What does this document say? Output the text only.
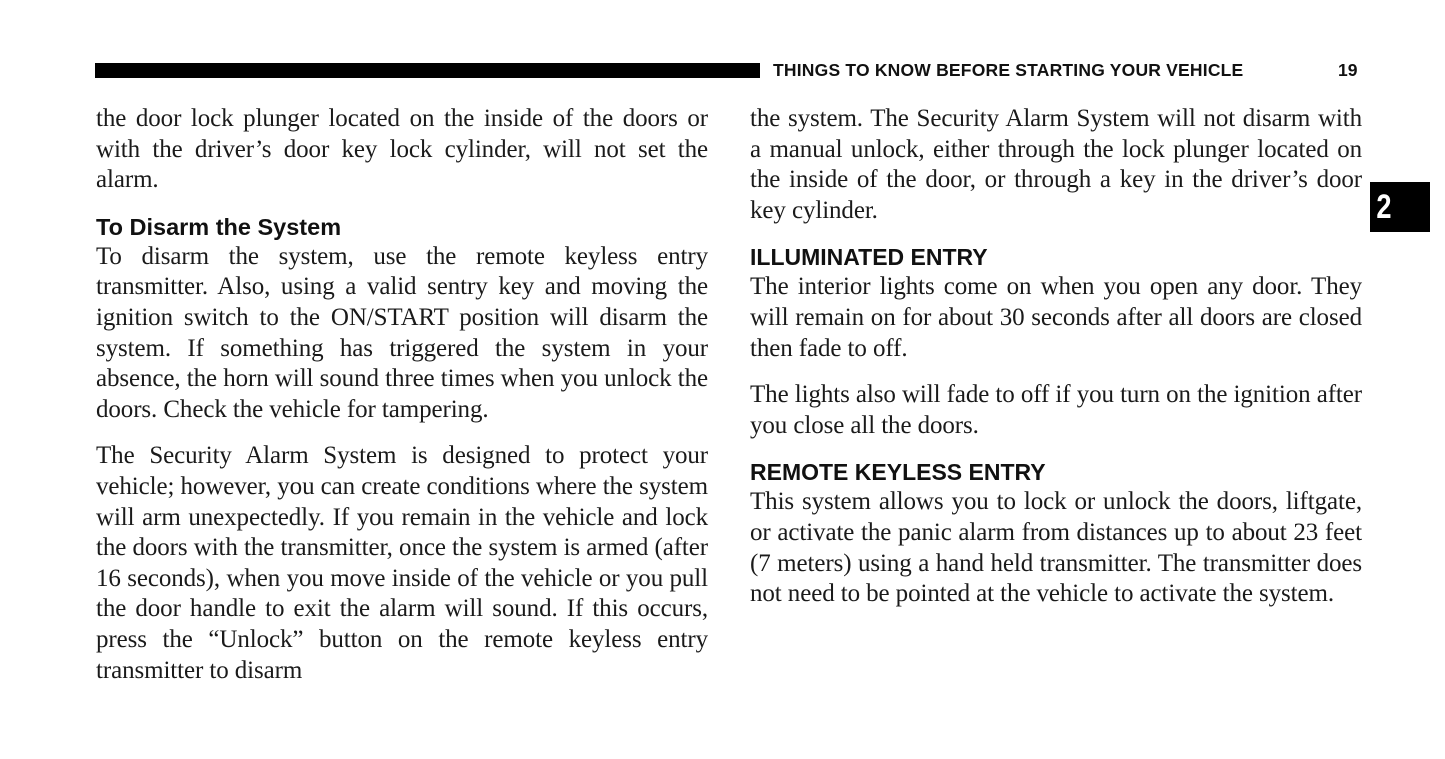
THINGS TO KNOW BEFORE STARTING YOUR VEHICLE	19
2

the door lock plunger located on the inside of the doors or with the driver’s door key lock cylinder, will not set the alarm.

To Disarm the System

To disarm the system, use the remote keyless entry transmitter. Also, using a valid sentry key and moving the ignition switch to the ON/START position will disarm the system. If something has triggered the system in your absence, the horn will sound three times when you unlock the doors. Check the vehicle for tampering.

The Security Alarm System is designed to protect your vehicle; however, you can create conditions where the system will arm unexpectedly. If you remain in the vehicle and lock the doors with the transmitter, once the system is armed (after 16 seconds), when you move inside of the vehicle or you pull the door handle to exit the alarm will sound. If this occurs, press the “Unlock” button on the remote keyless entry transmitter to disarm

the system. The Security Alarm System will not disarm with a manual unlock, either through the lock plunger located on the inside of the door, or through a key in the driver’s door key cylinder.

ILLUMINATED ENTRY

The interior lights come on when you open any door. They will remain on for about 30 seconds after all doors are closed then fade to off.

The lights also will fade to off if you turn on the ignition after you close all the doors.

REMOTE KEYLESS ENTRY

This system allows you to lock or unlock the doors, liftgate, or activate the panic alarm from distances up to about 23 feet (7 meters) using a hand held transmitter. The transmitter does not need to be pointed at the vehicle to activate the system.
